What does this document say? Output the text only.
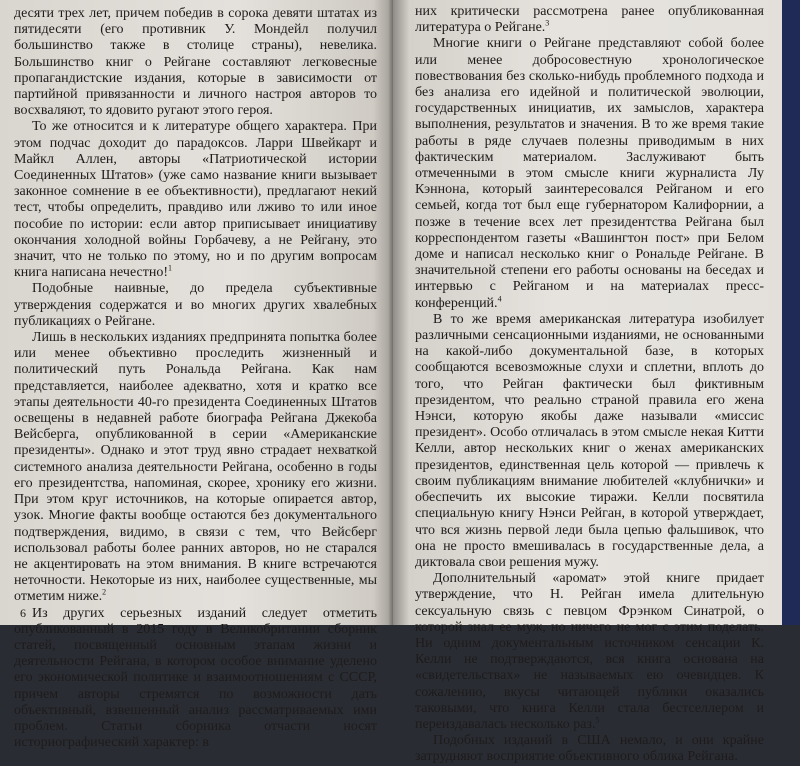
десяти трех лет, причем победив в сорока девяти штатах из пятидесяти (его противник У. Мондейл получил большинство также в столице страны), невелика. Большинство книг о Рейгане составляют легковесные пропагандистские издания, которые в зависимости от партийной привязанности и личного настроя авторов то восхваляют, то ядовито ругают этого героя.

То же относится и к литературе общего характера. При этом подчас доходит до парадоксов. Ларри Швейкарт и Майкл Аллен, авторы «Патриотической истории Соединенных Штатов» (уже само название книги вызывает законное сомнение в ее объективности), предлагают некий тест, чтобы определить, правдиво или лживо то или иное пособие по истории: если автор приписывает инициативу окончания холодной войны Горбачеву, а не Рейгану, это значит, что не только по этому, но и по другим вопросам книга написана нечестно!$^1$

Подобные наивные, до предела субъективные утверждения содержатся и во многих других хвалебных публикациях о Рейгане.

Лишь в нескольких изданиях предпринята попытка более или менее объективно проследить жизненный и политический путь Рональда Рейгана. Как нам представляется, наиболее адекватно, хотя и кратко все этапы деятельности 40-го президента Соединенных Штатов освещены в недавней работе биографа Рейгана Джекоба Вейсберга, опубликованной в серии «Американские президенты». Однако и этот труд явно страдает нехваткой системного анализа деятельности Рейгана, особенно в годы его президентства, напоминая, скорее, хронику его жизни. При этом круг источников, на которые опирается автор, узок. Многие факты вообще остаются без документального подтверждения, видимо, в связи с тем, что Вейсберг использовал работы более ранних авторов, но не старался не акцентировать на этом внимания. В книге встречаются неточности. Некоторые из них, наиболее существенные, мы отметим ниже.$^2$

Из других серьезных изданий следует отметить опубликованный в 2015 году в Великобритании сборник статей, посвященный основным этапам жизни и деятельности Рейгана, в котором особое внимание уделено его экономической политике и взаимоотношениям с СССР, причем авторы стремятся по возможности дать объективный, взвешенный анализ рассматриваемых ими проблем. Статьи сборника отчасти носят историографический характер: в

6

них критически рассмотрена ранее опубликованная литература о Рейгане.$^3$

Многие книги о Рейгане представляют собой более или менее добросовестную хронологическое повествования без сколько-нибудь проблемного подхода и без анализа его идейной и политической эволюции, государственных инициатив, их замыслов, характера выполнения, результатов и значения. В то же время такие работы в ряде случаев полезны приводимым в них фактическим материалом. Заслуживают быть отмеченными в этом смысле книги журналиста Лу Кэннона, который заинтересовался Рейганом и его семьей, когда тот был еще губернатором Калифорнии, а позже в течение всех лет президентства Рейгана был корреспондентом газеты «Вашингтон пост» при Белом доме и написал несколько книг о Рональде Рейгане. В значительной степени его работы основаны на беседах и интервью с Рейганом и на материалах пресс-конференций.$^4$

В то же время американская литература изобилует различными сенсационными изданиями, не основанными на какой-либо документальной базе, в которых сообщаются всевозможные слухи и сплетни, вплоть до того, что Рейган фактически был фиктивным президентом, что реально страной правила его жена Нэнси, которую якобы даже называли «миссис президент». Особо отличалась в этом смысле некая Китти Келли, автор нескольких книг о женах американских президентов, единственная цель которой — привлечь к своим публикациям внимание любителей «клубнички» и обеспечить их высокие тиражи. Келли посвятила специальную книгу Нэнси Рейган, в которой утверждает, что вся жизнь первой леди была цепью фальшивок, что она не просто вмешивалась в государственные дела, а диктовала свои решения мужу.

Дополнительный «аромат» этой книге придает утверждение, что Н. Рейган имела длительную сексуальную связь с певцом Фрэнком Синатрой, о которой знал ее муж, но ничего не мог с этим поделать. Ни одним документальным источником сенсации К. Келли не подтверждаются, вся книга основана на «свидетельствах» не называемых ею очевидцев. К сожалению, вкусы читающей публики оказались таковыми, что книга Келли стала бестселлером и переиздавалась несколько раз.$^5$

Подобных изданий в США немало, и они крайне затрудняют восприятие объективного облика Рейгана.
